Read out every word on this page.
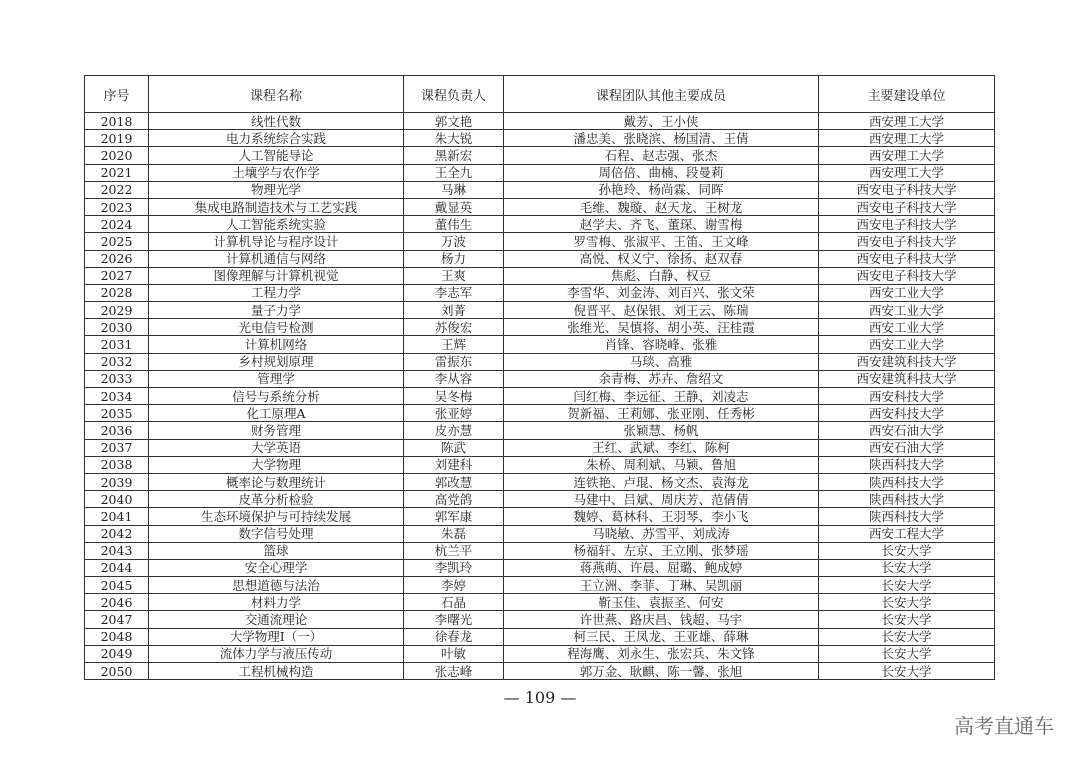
序号	课程名称	课程负责人	课程团队其他主要成员	主要建设单位
2018	线性代数	郭文艳	戴芳、王小侠	西安理工大学
2019	电力系统综合实践	朱大锐	潘忠美、张晓滨、杨国清、王倩	西安理工大学
2020	人工智能导论	黑新宏	石程、赵志强、张杰	西安理工大学
2021	土壤学与农作学	王全九	周倍倍、曲楠、段曼莉	西安理工大学
2022	物理光学	马琳	孙艳玲、杨尚霖、同晖	西安电子科技大学
2023	集成电路制造技术与工艺实践	戴显英	毛维、魏璇、赵天龙、王树龙	西安电子科技大学
2024	人工智能系统实验	董伟生	赵学夫、齐飞、董琛、谢雪梅	西安电子科技大学
2025	计算机导论与程序设计	万波	罗雪梅、张淑平、王笛、王文峰	西安电子科技大学
2026	计算机通信与网络	杨力	高悦、权义宁、徐扬、赵双春	西安电子科技大学
2027	图像理解与计算机视觉	王爽	焦彪、白静、权豆	西安电子科技大学
2028	工程力学	李志军	李雪华、刘金涛、刘百兴、张文荣	西安工业大学
2029	量子力学	刘菁	倪晋平、赵保银、刘王云、陈瑞	西安工业大学
2030	光电信号检测	苏俊宏	张维光、吴慎将、胡小英、汪桂霞	西安工业大学
2031	计算机网络	王辉	肖锋、容晓峰、张雅	西安工业大学
2032	乡村规划原理	雷振东	马琰、高雅	西安建筑科技大学
2033	管理学	李从容	余青梅、苏卉、詹绍文	西安建筑科技大学
2034	信号与系统分析	吴冬梅	闫红梅、李远征、王静、刘凌志	西安科技大学
2035	化工原理A	张亚婷	贺新福、王莉娜、张亚刚、任秀彬	西安科技大学
2036	财务管理	皮亦慧	张颖慧、杨帆	西安石油大学
2037	大学英语	陈武	王红、武斌、李红、陈柯	西安石油大学
2038	大学物理	刘建科	朱桥、周利斌、马颖、鲁旭	陕西科技大学
2039	概率论与数理统计	郭改慧	连铁艳、卢琨、杨文杰、袁海龙	陕西科技大学
2040	皮革分析检验	高党鸽	马建中、吕斌、周庆芳、范倩倩	陕西科技大学
2041	生态环境保护与可持续发展	郭军康	魏婷、葛林科、王羽琴、李小飞	陕西科技大学
2042	数字信号处理	朱磊	马晓敏、苏雪平、刘成涛	西安工程大学
2043	篮球	杭兰平	杨福轩、左京、王立刚、张梦瑶	长安大学
2044	安全心理学	李凯玲	蒋燕萌、许晨、屈璐、鲍成婷	长安大学
2045	思想道德与法治	李婷	王立洲、李菲、丁琳、吴凯丽	长安大学
2046	材料力学	石晶	靳玉佳、袁振圣、何安	长安大学
2047	交通流理论	李曙光	许世燕、路庆昌、钱超、马宇	长安大学
2048	大学物理Ⅰ（一）	徐春龙	柯三民、王凤龙、王亚雄、薛琳	长安大学
2049	流体力学与液压传动	叶敏	程海鹰、刘永生、张宏兵、朱文锋	长安大学
2050	工程机械构造	张志峰	郭万金、耿麒、陈一馨、张旭	长安大学
— 109 —
高考直通车
